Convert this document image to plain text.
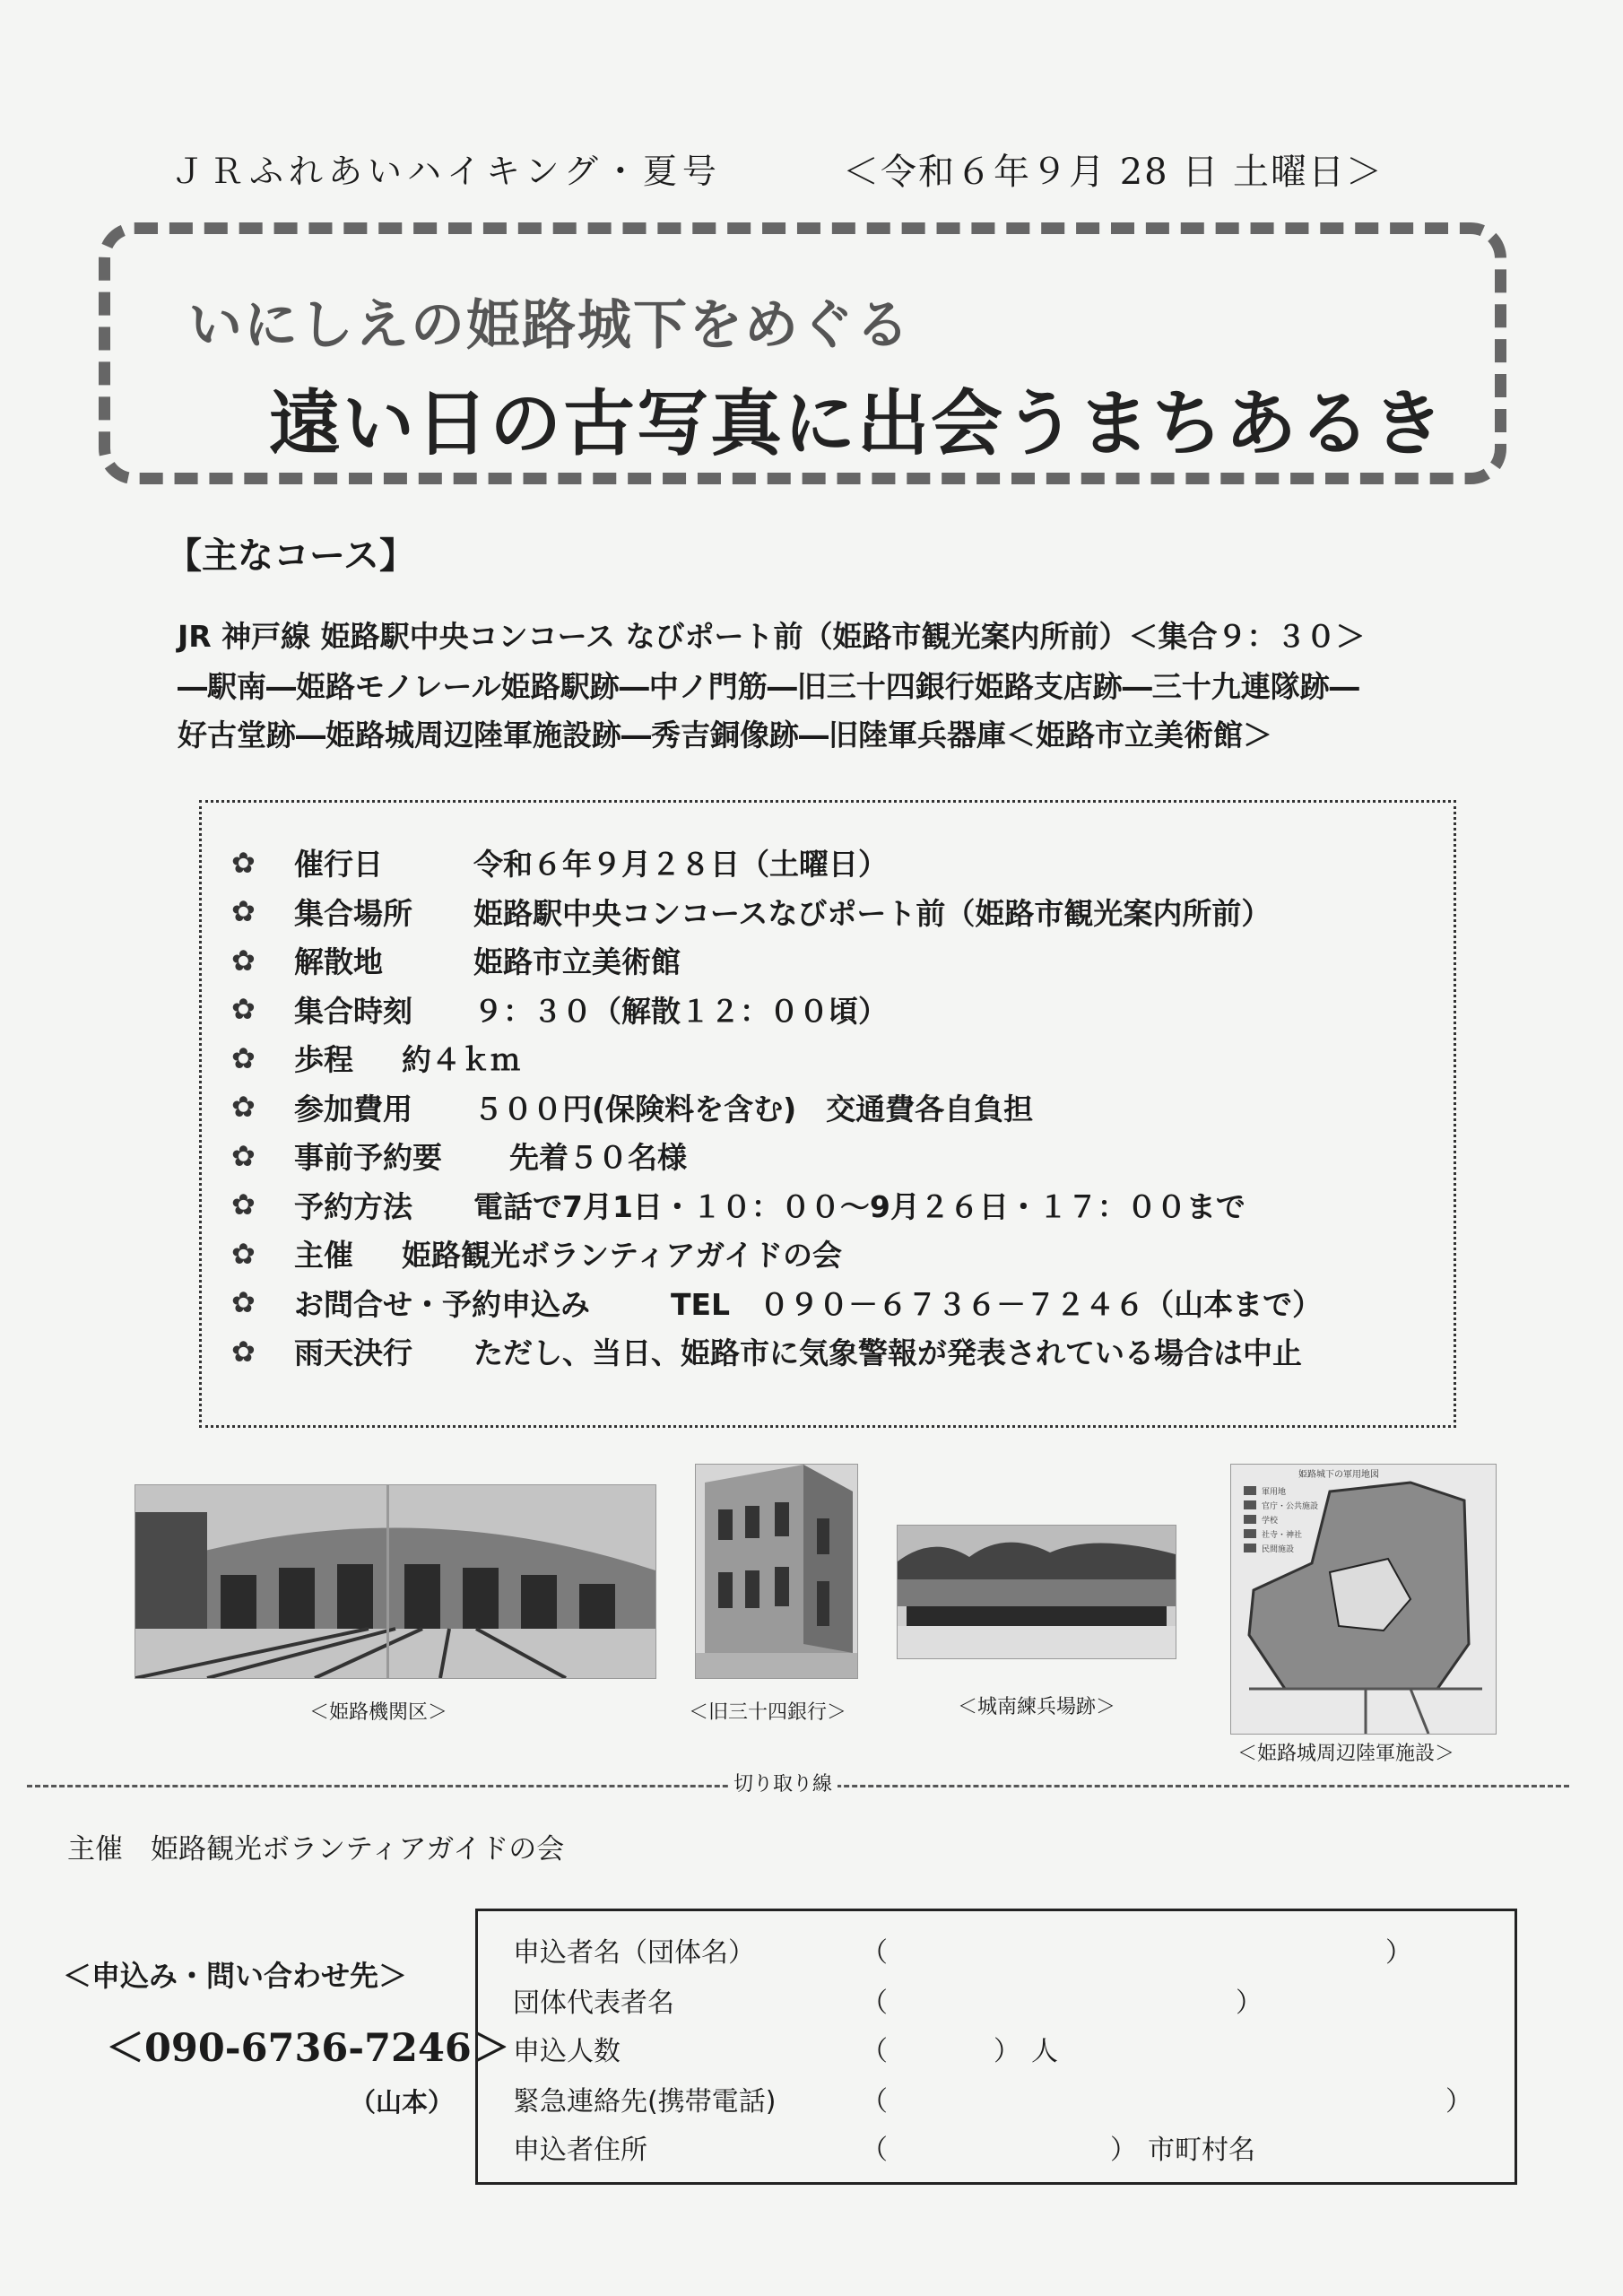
ＪＲふれあいハイキング・夏号	＜令和６年９月 28 日 土曜日＞
いにしえの姫路城下をめぐる
遠い日の古写真に出会うまちあるき
【主なコース】
JR 神戸線 姫路駅中央コンコース なびポート前（姫路市観光案内所前）＜集合９：３０＞
―駅南―姫路モノレール姫路駅跡―中ノ門筋―旧三十四銀行姫路支店跡―三十九連隊跡―
好古堂跡―姫路城周辺陸軍施設跡―秀吉銅像跡―旧陸軍兵器庫＜姫路市立美術館＞
✿	催行日	令和６年９月２８日（土曜日）
✿	集合場所	姫路駅中央コンコースなびポート前（姫路市観光案内所前）
✿	解散地	姫路市立美術館
✿	集合時刻	９：３０（解散１２：００頃）
✿	歩程	約４ｋｍ
✿	参加費用	５００円(保険料を含む)　交通費各自負担
✿	事前予約要	先着５０名様
✿	予約方法	電話で7月1日・１０：００～9月２６日・１７：００まで
✿	主催	姫路観光ボランティアガイドの会
✿	お問合せ・予約申込み	TEL　０９０－６７３６－７２４６（山本まで）
✿	雨天決行	ただし、当日、姫路市に気象警報が発表されている場合は中止
＜姫路機関区＞	＜旧三十四銀行＞	＜城南練兵場跡＞
姫路城下の軍用地図
軍用地
官庁・公共施設
学校
社寺・神社
民間施設
＜姫路城周辺陸軍施設＞
切り取り線
主催　姫路観光ボランティアガイドの会
＜申込み・問い合わせ先＞
＜090-6736-7246＞
（山本）
申込者名（団体名）	（	）
団体代表者名	（	）
申込人数	（	） 人
緊急連絡先(携帯電話)	（	）
申込者住所	（	） 市町村名
